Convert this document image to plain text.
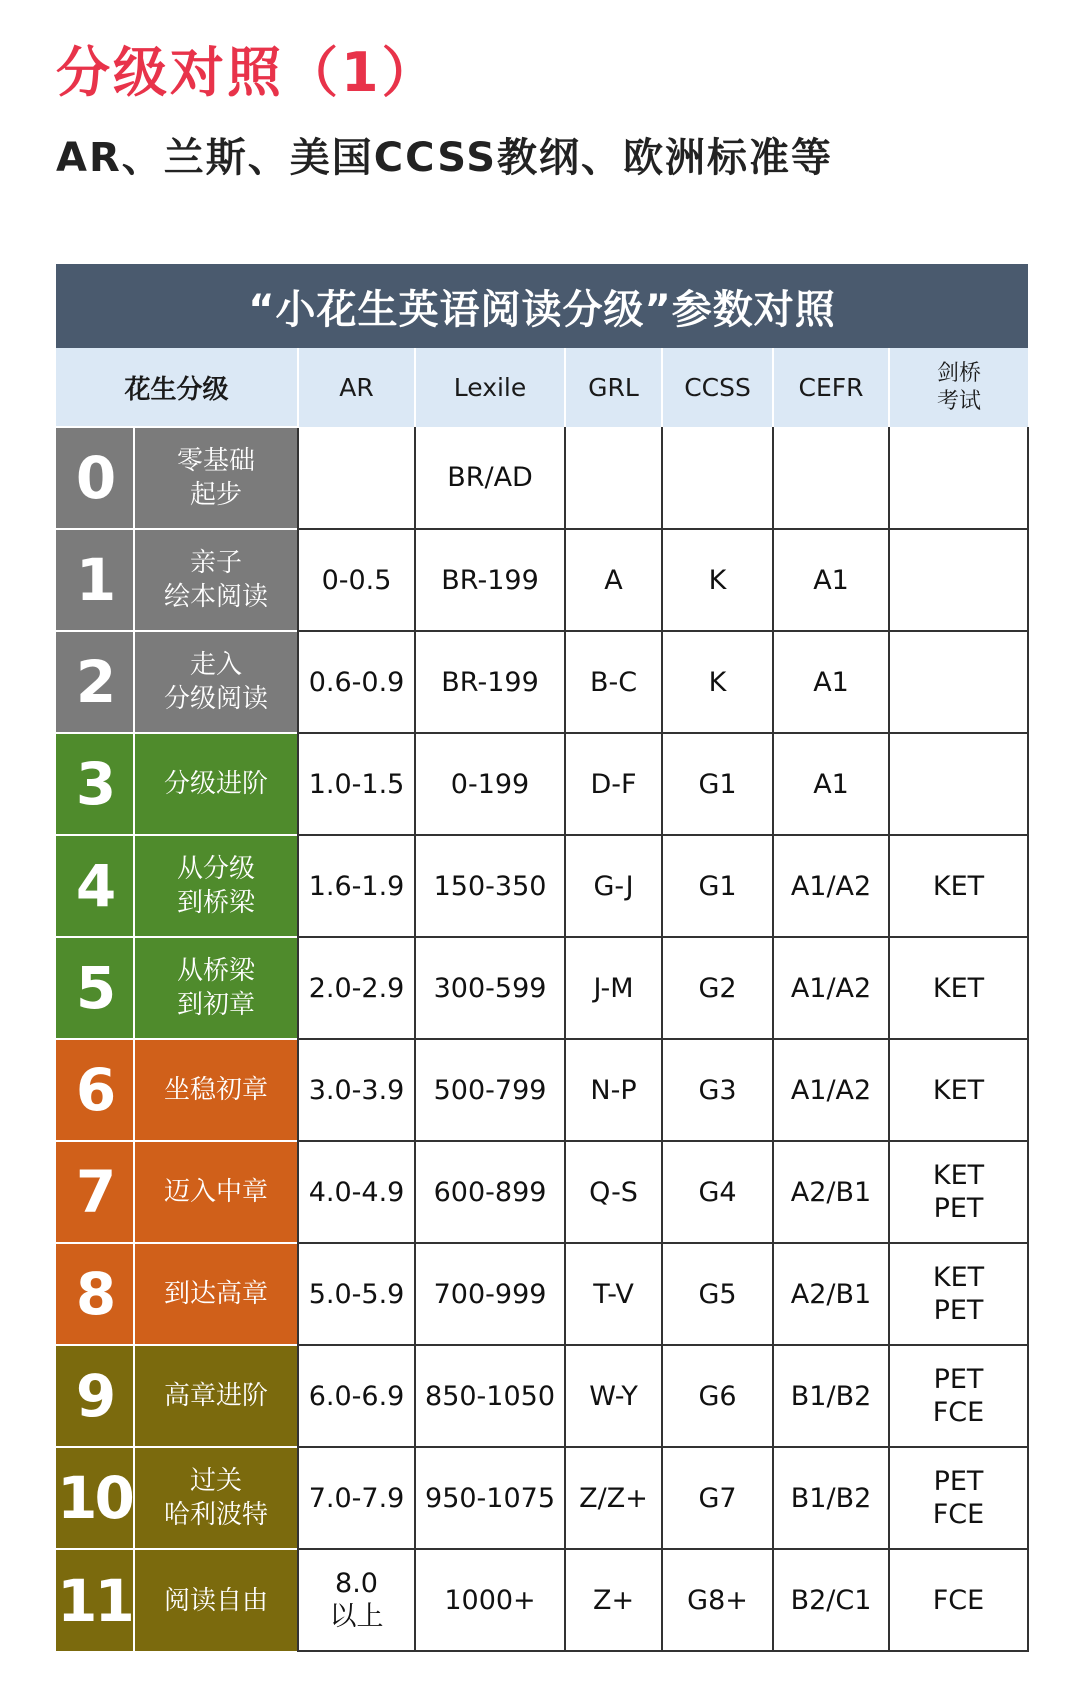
分级对照（1）
AR、兰斯、美国CCSS教纲、欧洲标准等
“小花生英语阅读分级”参数对照
花生分级		AR	Lexile	GRL	CCSS	CEFR	剑桥
考试
0	零基础
起步		BR/AD				
1	亲子
绘本阅读	0-0.5	BR-199	A	K	A1	
2	走入
分级阅读	0.6-0.9	BR-199	B-C	K	A1	
3	分级进阶	1.0-1.5	0-199	D-F	G1	A1	
4	从分级
到桥梁	1.6-1.9	150-350	G-J	G1	A1/A2	KET
5	从桥梁
到初章	2.0-2.9	300-599	J-M	G2	A1/A2	KET
6	坐稳初章	3.0-3.9	500-799	N-P	G3	A1/A2	KET
7	迈入中章	4.0-4.9	600-899	Q-S	G4	A2/B1	KET
PET
8	到达高章	5.0-5.9	700-999	T-V	G5	A2/B1	KET
PET
9	高章进阶	6.0-6.9	850-1050	W-Y	G6	B1/B2	PET
FCE
10	过关
哈利波特	7.0-7.9	950-1075	Z/Z+	G7	B1/B2	PET
FCE
11	阅读自由	8.0
以上	1000+	Z+	G8+	B2/C1	FCE
